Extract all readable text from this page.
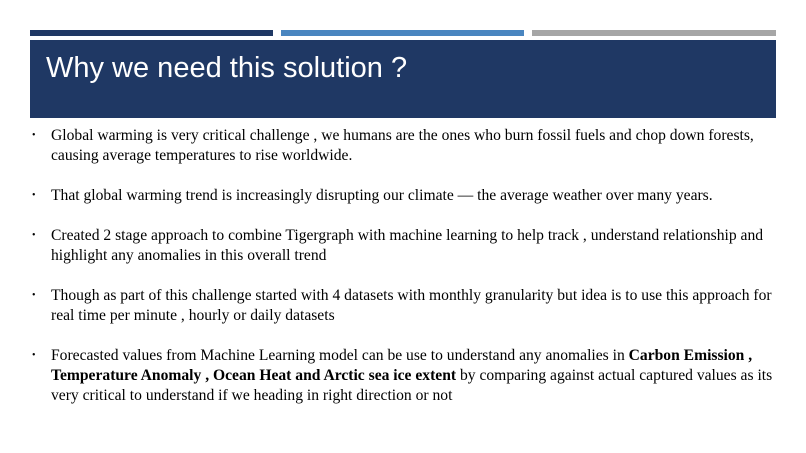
Why we need this solution ?
• Global warming is very critical challenge , we humans are the ones who burn fossil fuels and chop down forests, causing average temperatures to rise worldwide.
• That global warming trend is increasingly disrupting our climate — the average weather over many years.
• Created 2 stage approach to combine Tigergraph with machine learning to help track , understand relationship and highlight any anomalies in this overall trend
• Though as part of this challenge started with 4 datasets with monthly granularity but idea is to use this approach for real time per minute , hourly or daily datasets
• Forecasted values from Machine Learning model can be use to understand any anomalies in Carbon Emission , Temperature Anomaly , Ocean Heat and Arctic sea ice extent by comparing against actual captured values as its very critical to understand if we heading in right direction or not
